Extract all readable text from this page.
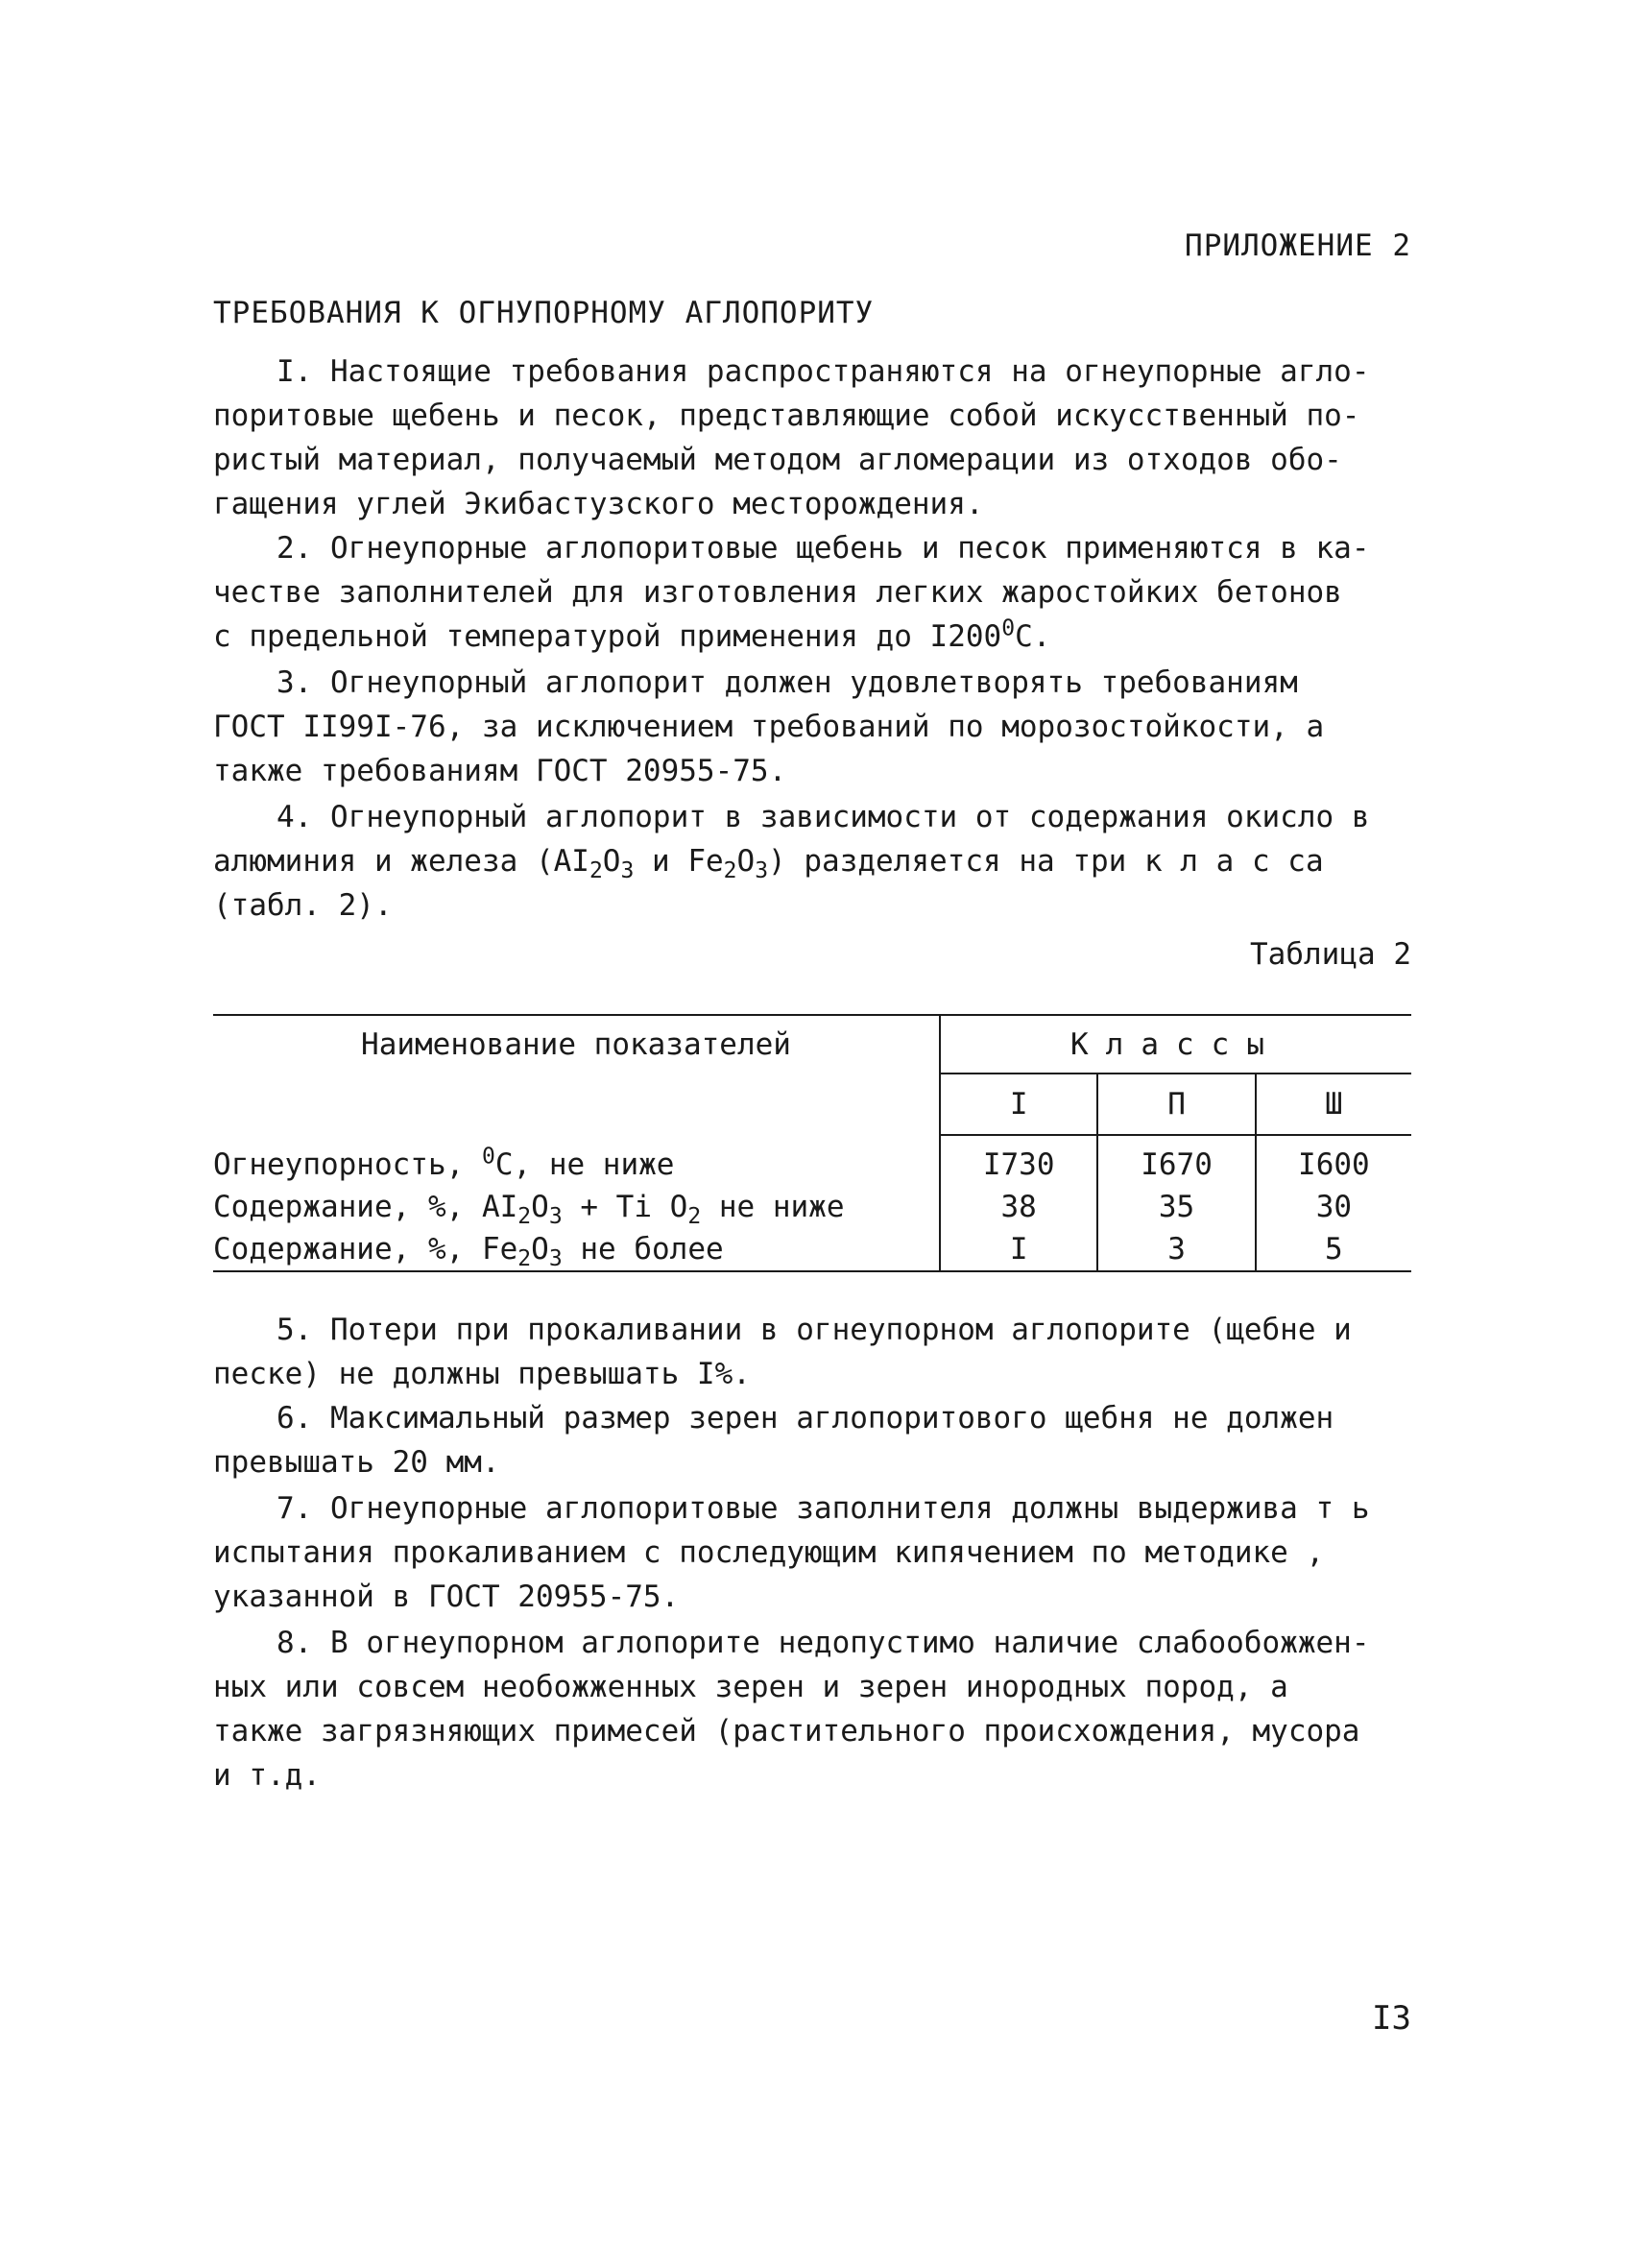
ПРИЛОЖЕНИЕ 2
ТРЕБОВАНИЯ К ОГНУПОРНОМУ АГЛОПОРИТУ

I. Настоящие требования распространяются на огнеупорные агло-
поритовые щебень и песок, представляющие собой искусственный по-
ристый материал, получаемый методом агломерации из отходов обо-
гащения углей Экибастузского месторождения.

2. Огнеупорные аглопоритовые щебень и песок применяются в ка-
честве заполнителей для изготовления легких жаростойких бетонов
с предельной температурой применения до $I200^0С$.

3. Огнеупорный аглопорит должен удовлетворять требованиям
ГОСТ II99I-76, за исключением требований по морозостойкости, а
также требованиям ГОСТ 20955-75.

4. Огнеупорный аглопорит в зависимости от содержания окисло в
алюминия и железа ($AI_2O_3$ и $Fe_2O_3$) разделяется на три к л а с са
(табл. 2).

Таблица 2
Наименование показателей	Классы		
	I	П	Ш
Огнеупорность, $^0$С, не ниже	I730	I670	I600
Содержание, %, $AI_2O_3 + Ti$ $O_2$ не ниже	38	35	30
Содержание, %, $Fe_2O_3$ не более	I	3	5

5. Потери при прокаливании в огнеупорном аглопорите (щебне и
песке) не должны превышать I%.

6. Максимальный размер зерен аглопоритового щебня не должен
превышать 20 мм.

7. Огнеупорные аглопоритовые заполнителя должны выдержива т ь
испытания прокаливанием с последующим кипячением по методике ,
указанной в ГОСТ 20955-75.

8. В огнеупорном аглопорите недопустимо наличие слабообожжен-
ных или совсем необожженных зерен и зерен инородных пород, а
также загрязняющих примесей (растительного происхождения, мусора
и т.д.

I3
